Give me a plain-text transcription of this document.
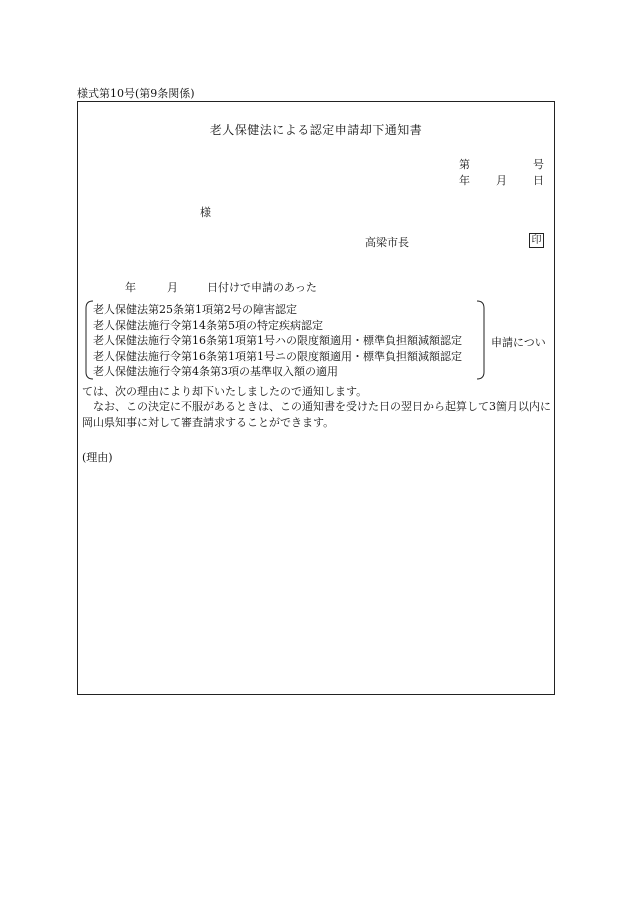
様式第10号(第9条関係)
老人保健法による認定申請却下通知書
第	号
年 月 日
様
高梁市長	印
年	月	日付けで申請のあった
老人保健法第25条第1項第2号の障害認定
老人保健法施行令第14条第5項の特定疾病認定
老人保健法施行令第16条第1項第1号ハの限度額適用・標準負担額減額認定
老人保健法施行令第16条第1項第1号ニの限度額適用・標準負担額減額認定
老人保健法施行令第4条第3項の基準収入額の適用
申請につい
ては、次の理由により却下いたしましたので通知します。
　なお、この決定に不服があるときは、この通知書を受けた日の翌日から起算して3箇月以内に岡山県知事に対して審査請求することができます。
(理由)
